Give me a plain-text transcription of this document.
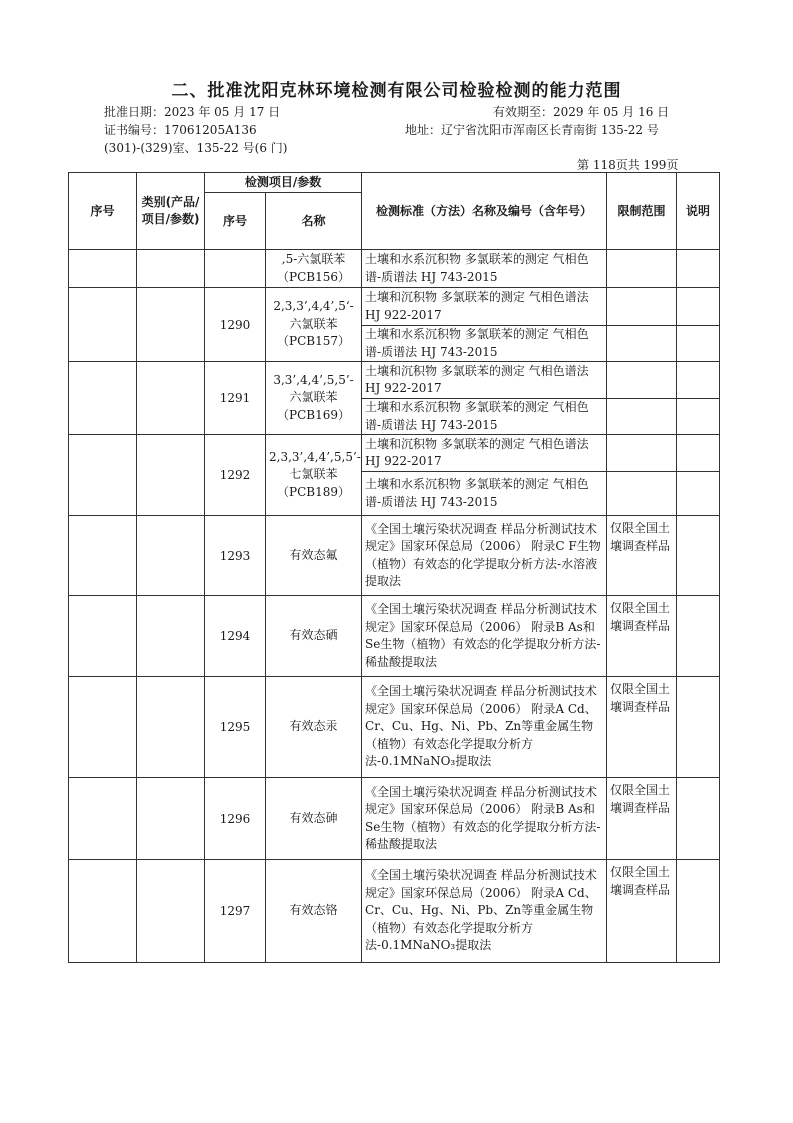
二、批准沈阳克林环境检测有限公司检验检测的能力范围
批准日期：2023 年 05 月 17 日	有效期至：2029 年 05 月 16 日
证书编号：17061205A136	地址：辽宁省沈阳市浑南区长青南街 135-22 号
(301)-(329)室、135-22 号(6 门)
第 118页共 199页
序号	类别(产品/项目/参数)	检测项目/参数		检测标准（方法）名称及编号（含年号）	限制范围	说明
		序号	名称			
			,5-六氯联苯（PCB156）	土壤和水系沉积物 多氯联苯的测定 气相色谱-质谱法 HJ 743-2015		
		1290	2,3,3’,4,4’,5‘-六氯联苯（PCB157）	土壤和沉积物 多氯联苯的测定 气相色谱法 HJ 922-2017		
				土壤和水系沉积物 多氯联苯的测定 气相色谱-质谱法 HJ 743-2015		
		1291	3,3’,4,4’,5,5’-六氯联苯（PCB169）	土壤和沉积物 多氯联苯的测定 气相色谱法 HJ 922-2017		
				土壤和水系沉积物 多氯联苯的测定 气相色谱-质谱法 HJ 743-2015		
		1292	2,3,3’,4,4’,5,5’-七氯联苯（PCB189）	土壤和沉积物 多氯联苯的测定 气相色谱法 HJ 922-2017		
				土壤和水系沉积物 多氯联苯的测定 气相色谱-质谱法 HJ 743-2015		
		1293	有效态氟	《全国土壤污染状况调查 样品分析测试技术规定》国家环保总局（2006） 附录C F生物（植物）有效态的化学提取分析方法-水溶液提取法	仅限全国土壤调查样品	
		1294	有效态硒	《全国土壤污染状况调查 样品分析测试技术规定》国家环保总局（2006） 附录B As和Se生物（植物）有效态的化学提取分析方法-稀盐酸提取法	仅限全国土壤调查样品	
		1295	有效态汞	《全国土壤污染状况调查 样品分析测试技术规定》国家环保总局（2006） 附录A Cd、Cr、Cu、Hg、Ni、Pb、Zn等重金属生物（植物）有效态化学提取分析方法-0.1MNaNO₃提取法	仅限全国土壤调查样品	
		1296	有效态砷	《全国土壤污染状况调查 样品分析测试技术规定》国家环保总局（2006） 附录B As和Se生物（植物）有效态的化学提取分析方法-稀盐酸提取法	仅限全国土壤调查样品	
		1297	有效态铬	《全国土壤污染状况调查 样品分析测试技术规定》国家环保总局（2006） 附录A Cd、Cr、Cu、Hg、Ni、Pb、Zn等重金属生物（植物）有效态化学提取分析方法-0.1MNaNO₃提取法	仅限全国土壤调查样品	
